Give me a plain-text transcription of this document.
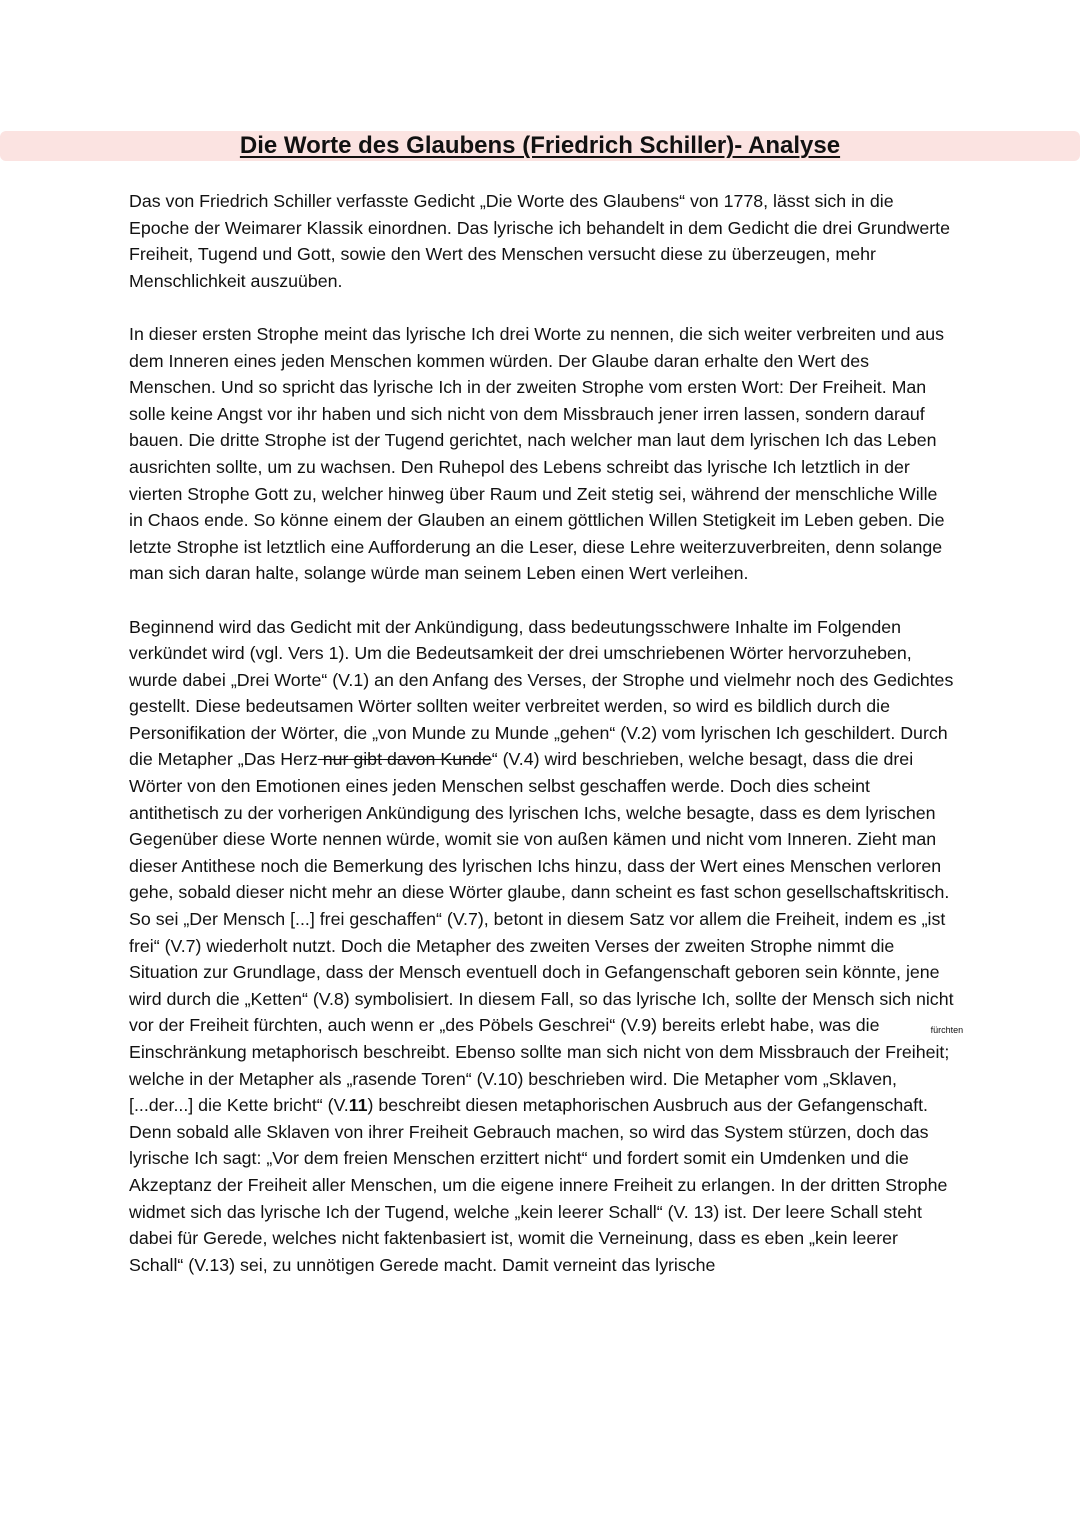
Die Worte des Glaubens (Friedrich Schiller)- Analyse

Das von Friedrich Schiller verfasste Gedicht „Die Worte des Glaubens“ von 1778, lässt sich in die Epoche der Weimarer Klassik einordnen. Das lyrische ich behandelt in dem Gedicht die drei Grundwerte Freiheit, Tugend und Gott, sowie den Wert des Menschen versucht diese zu überzeugen, mehr Menschlichkeit auszuüben.

In dieser ersten Strophe meint das lyrische Ich drei Worte zu nennen, die sich weiter verbreiten und aus dem Inneren eines jeden Menschen kommen würden. Der Glaube daran erhalte den Wert des Menschen. Und so spricht das lyrische Ich in der zweiten Strophe vom ersten Wort: Der Freiheit. Man solle keine Angst vor ihr haben und sich nicht von dem Missbrauch jener irren lassen, sondern darauf bauen. Die dritte Strophe ist der Tugend gerichtet, nach welcher man laut dem lyrischen Ich das Leben ausrichten sollte, um zu wachsen. Den Ruhepol des Lebens schreibt das lyrische Ich letztlich in der vierten Strophe Gott zu, welcher hinweg über Raum und Zeit stetig sei, während der menschliche Wille in Chaos ende. So könne einem der Glauben an einem göttlichen Willen Stetigkeit im Leben geben. Die letzte Strophe ist letztlich eine Aufforderung an die Leser, diese Lehre weiterzuverbreiten, denn solange man sich daran halte, solange würde man seinem Leben einen Wert verleihen.

Beginnend wird das Gedicht mit der Ankündigung, dass bedeutungsschwere Inhalte im Folgenden verkündet wird (vgl. Vers 1). Um die Bedeutsamkeit der drei umschriebenen Wörter hervorzuheben, wurde dabei „Drei Worte“ (V.1) an den Anfang des Verses, der Strophe und vielmehr noch des Gedichtes gestellt. Diese bedeutsamen Wörter sollten weiter verbreitet werden, so wird es bildlich durch die Personifikation der Wörter, die „von Munde zu Munde „gehen“ (V.2) vom lyrischen Ich geschildert. Durch die Metapher „Das Herz nur gibt davon Kunde“ (V.4) wird beschrieben, welche besagt, dass die drei Wörter von den Emotionen eines jeden Menschen selbst geschaffen werde. Doch dies scheint antithetisch zu der vorherigen Ankündigung des lyrischen Ichs, welche besagte, dass es dem lyrischen Gegenüber diese Worte nennen würde, womit sie von außen kämen und nicht vom Inneren. Zieht man dieser Antithese noch die Bemerkung des lyrischen Ichs hinzu, dass der Wert eines Menschen verloren gehe, sobald dieser nicht mehr an diese Wörter glaube, dann scheint es fast schon gesellschaftskritisch. So sei „Der Mensch [...] frei geschaffen“ (V.7), betont in diesem Satz vor allem die Freiheit, indem es „ist frei“ (V.7) wiederholt nutzt. Doch die Metapher des zweiten Verses der zweiten Strophe nimmt die Situation zur Grundlage, dass der Mensch eventuell doch in Gefangenschaft geboren sein könnte, jene wird durch die „Ketten“ (V.8) symbolisiert. In diesem Fall, so das lyrische Ich, sollte der Mensch sich nicht vor der Freiheit fürchten, auch wenn er „des Pöbels Geschrei“ (V.9) bereits erlebt habe, was die Einschränkung metaphorisch beschreibt. Ebenso sollte man sich nicht von dem Missbrauch der Freiheit
fürchten
; welche in der Metapher als „rasende Toren“ (V.10) beschrieben wird. Die Metapher vom „Sklaven, [...der...] die Kette bricht“ (V.11) beschreibt diesen metaphorischen Ausbruch aus der Gefangenschaft. Denn sobald alle Sklaven von ihrer Freiheit Gebrauch machen, so wird das System stürzen, doch das lyrische Ich sagt: „Vor dem freien Menschen erzittert nicht“ und fordert somit ein Umdenken und die Akzeptanz der Freiheit aller Menschen, um die eigene innere Freiheit zu erlangen. In der dritten Strophe widmet sich das lyrische Ich der Tugend, welche „kein leerer Schall“ (V. 13) ist. Der leere Schall steht dabei für Gerede, welches nicht faktenbasiert ist, womit die Verneinung, dass es eben „kein leerer Schall“ (V.13) sei, zu unnötigen Gerede macht. Damit verneint das lyrische
